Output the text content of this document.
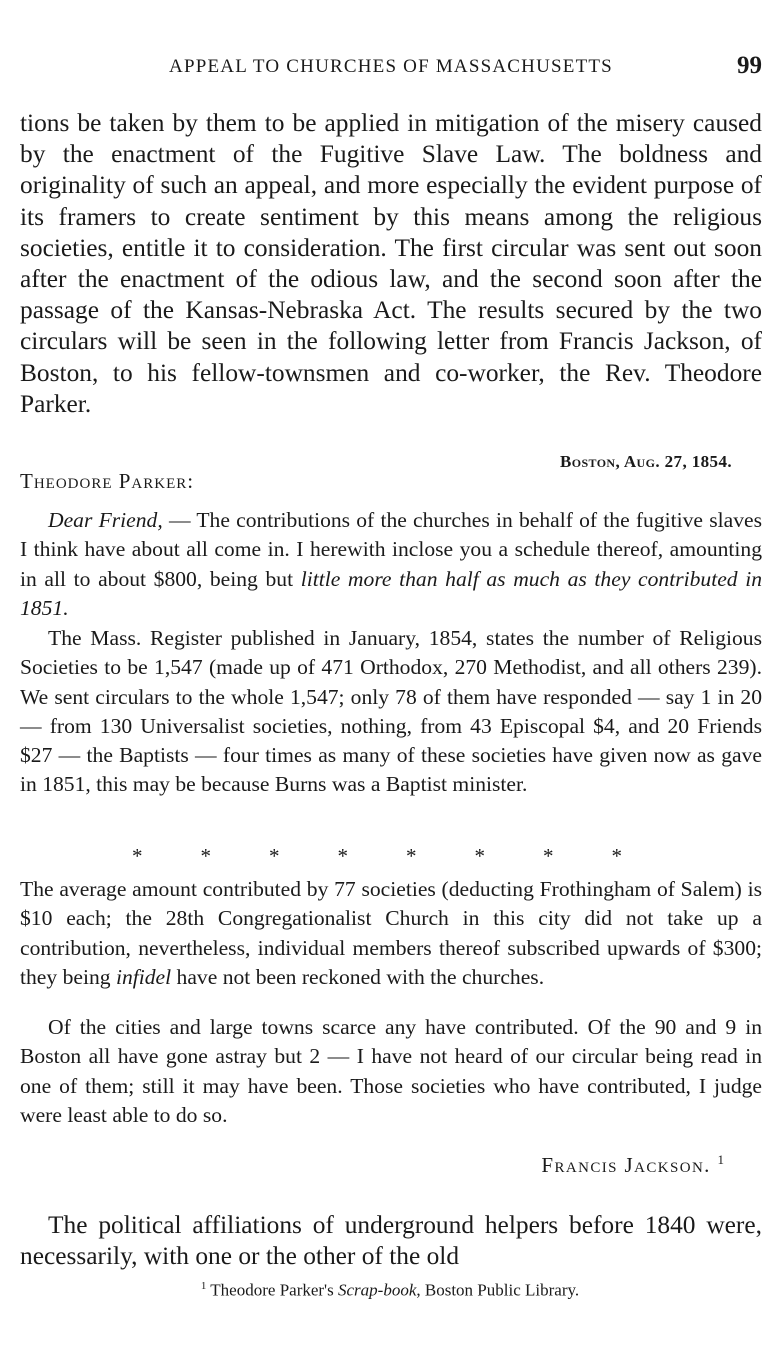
APPEAL TO CHURCHES OF MASSACHUSETTS	99

tions be taken by them to be applied in mitigation of the misery caused by the enactment of the Fugitive Slave Law. The boldness and originality of such an appeal, and more especially the evident purpose of its framers to create sentiment by this means among the religious societies, entitle it to consideration. The first circular was sent out soon after the enactment of the odious law, and the second soon after the passage of the Kansas-Nebraska Act. The results secured by the two circulars will be seen in the following letter from Francis Jackson, of Boston, to his fellow-townsmen and co-worker, the Rev. Theodore Parker.

Boston, Aug. 27, 1854.
Theodore Parker:

Dear Friend, — The contributions of the churches in behalf of the fugitive slaves I think have about all come in. I herewith inclose you a schedule thereof, amounting in all to about $800, being but little more than half as much as they contributed in 1851.

The Mass. Register published in January, 1854, states the number of Religious Societies to be 1,547 (made up of 471 Orthodox, 270 Methodist, and all others 239). We sent circulars to the whole 1,547; only 78 of them have responded — say 1 in 20 — from 130 Universalist societies, nothing, from 43 Episcopal $4, and 20 Friends $27 — the Baptists — four times as many of these societies have given now as gave in 1851, this may be because Burns was a Baptist minister.

*	*	*	*	*	*	*	*

The average amount contributed by 77 societies (deducting Frothingham of Salem) is $10 each; the 28th Congregationalist Church in this city did not take up a contribution, nevertheless, individual members thereof subscribed upwards of $300; they being infidel have not been reckoned with the churches.

Of the cities and large towns scarce any have contributed. Of the 90 and 9 in Boston all have gone astray but 2 — I have not heard of our circular being read in one of them; still it may have been. Those societies who have contributed, I judge were least able to do so.

Francis Jackson. $^1$

The political affiliations of underground helpers before 1840 were, necessarily, with one or the other of the old

$^1$ Theodore Parker's Scrap-book, Boston Public Library.
